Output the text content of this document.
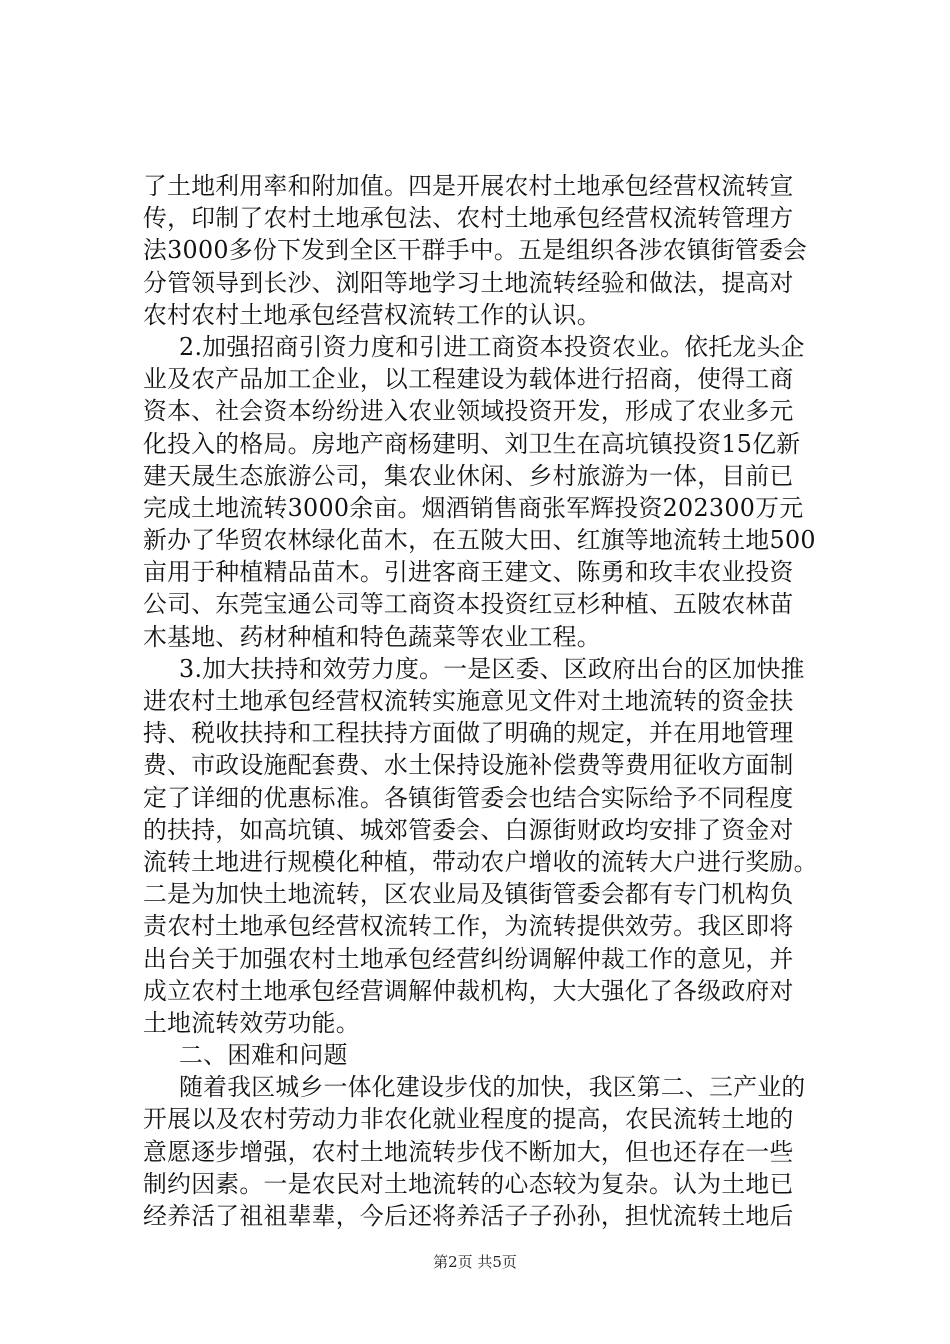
了土地利用率和附加值。四是开展农村土地承包经营权流转宣
传，印制了农村土地承包法、农村土地承包经营权流转管理方
法3000多份下发到全区干群手中。五是组织各涉农镇街管委会
分管领导到长沙、浏阳等地学习土地流转经验和做法，提高对
农村农村土地承包经营权流转工作的认识。
2.加强招商引资力度和引进工商资本投资农业。依托龙头企
业及农产品加工企业，以工程建设为载体进行招商，使得工商
资本、社会资本纷纷进入农业领域投资开发，形成了农业多元
化投入的格局。房地产商杨建明、刘卫生在高坑镇投资15亿新
建天晟生态旅游公司，集农业休闲、乡村旅游为一体，目前已
完成土地流转3000余亩。烟酒销售商张军辉投资202300万元
新办了华贸农林绿化苗木，在五陂大田、红旗等地流转土地500
亩用于种植精品苗木。引进客商王建文、陈勇和玫丰农业投资
公司、东莞宝通公司等工商资本投资红豆杉种植、五陂农林苗
木基地、药材种植和特色蔬菜等农业工程。
3.加大扶持和效劳力度。一是区委、区政府出台的区加快推
进农村土地承包经营权流转实施意见文件对土地流转的资金扶
持、税收扶持和工程扶持方面做了明确的规定，并在用地管理
费、市政设施配套费、水土保持设施补偿费等费用征收方面制
定了详细的优惠标准。各镇街管委会也结合实际给予不同程度
的扶持，如高坑镇、城郊管委会、白源街财政均安排了资金对
流转土地进行规模化种植，带动农户增收的流转大户进行奖励。
二是为加快土地流转，区农业局及镇街管委会都有专门机构负
责农村土地承包经营权流转工作，为流转提供效劳。我区即将
出台关于加强农村土地承包经营纠纷调解仲裁工作的意见，并
成立农村土地承包经营调解仲裁机构，大大强化了各级政府对
土地流转效劳功能。
二、困难和问题
随着我区城乡一体化建设步伐的加快，我区第二、三产业的
开展以及农村劳动力非农化就业程度的提高，农民流转土地的
意愿逐步增强，农村土地流转步伐不断加大，但也还存在一些
制约因素。一是农民对土地流转的心态较为复杂。认为土地已
经养活了祖祖辈辈，今后还将养活子子孙孙，担忧流转土地后
第2页 共5页
